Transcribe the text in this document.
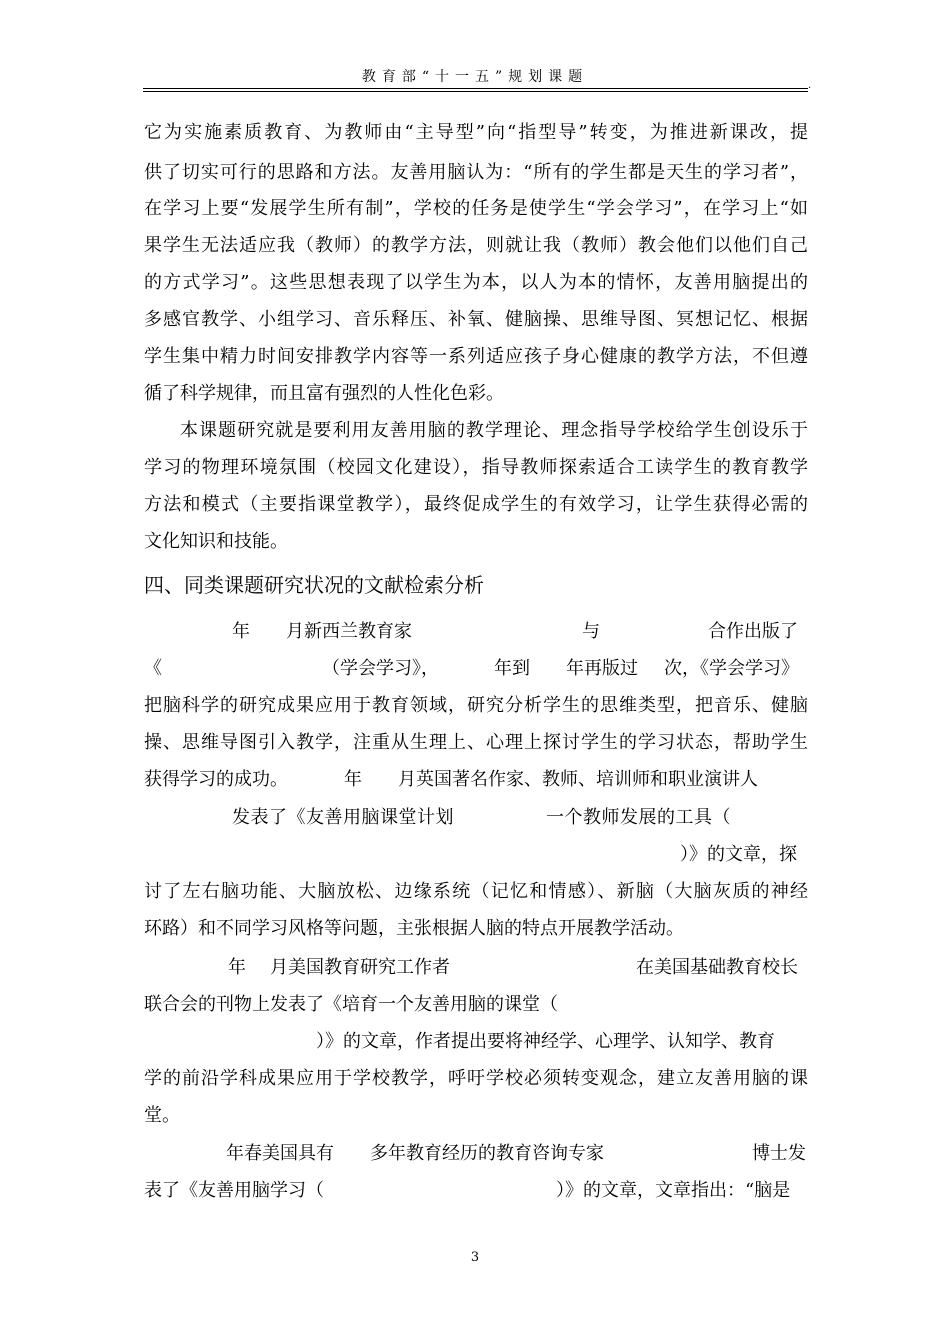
教育部“十一五”规划课题
.
它为实施素质教育、为教师由“主导型”向“指型导”转变，为推进新课改，提
供了切实可行的思路和方法。友善用脑认为：“所有的学生都是天生的学习者”，
在学习上要“发展学生所有制”，学校的任务是使学生“学会学习”，在学习上“如
果学生无法适应我（教师）的教学方法，则就让我（教师）教会他们以他们自己
的方式学习”。这些思想表现了以学生为本，以人为本的情怀，友善用脑提出的
多感官教学、小组学习、音乐释压、补氧、健脑操、思维导图、冥想记忆、根据
学生集中精力时间安排教学内容等一系列适应孩子身心健康的教学方法，不但遵
循了科学规律，而且富有强烈的人性化色彩。
本课题研究就是要利用友善用脑的教学理论、理念指导学校给学生创设乐于
学习的物理环境氛围（校园文化建设），指导教师探索适合工读学生的教育教学
方法和模式（主要指课堂教学），最终促成学生的有效学习，让学生获得必需的
文化知识和技能。
四、同类课题研究状况的文献检索分析
年 月新西兰教育家	与	合作出版了
《	（学会学习》，	年到 年再版过 次，《学会学习》
把脑科学的研究成果应用于教育领域，研究分析学生的思维类型，把音乐、健脑
操、思维导图引入教学，注重从生理上、心理上探讨学生的学习状态，帮助学生
获得学习的成功。	年 月英国著名作家、教师、培训师和职业演讲人
发表了《友善用脑课堂计划	一个教师发展的工具（
）》的文章，探
讨了左右脑功能、大脑放松、边缘系统（记忆和情感）、新脑（大脑灰质的神经
环路）和不同学习风格等问题，主张根据人脑的特点开展教学活动。
年 月美国教育研究工作者	在美国基础教育校长
联合会的刊物上发表了《培育一个友善用脑的课堂（
）》的文章，作者提出要将神经学、心理学、认知学、教育
学的前沿学科成果应用于学校教学，呼吁学校必须转变观念，建立友善用脑的课
堂。
年春美国具有 多年教育经历的教育咨询专家	博士发
表了《友善用脑学习（	）》的文章，文章指出：“脑是
3
